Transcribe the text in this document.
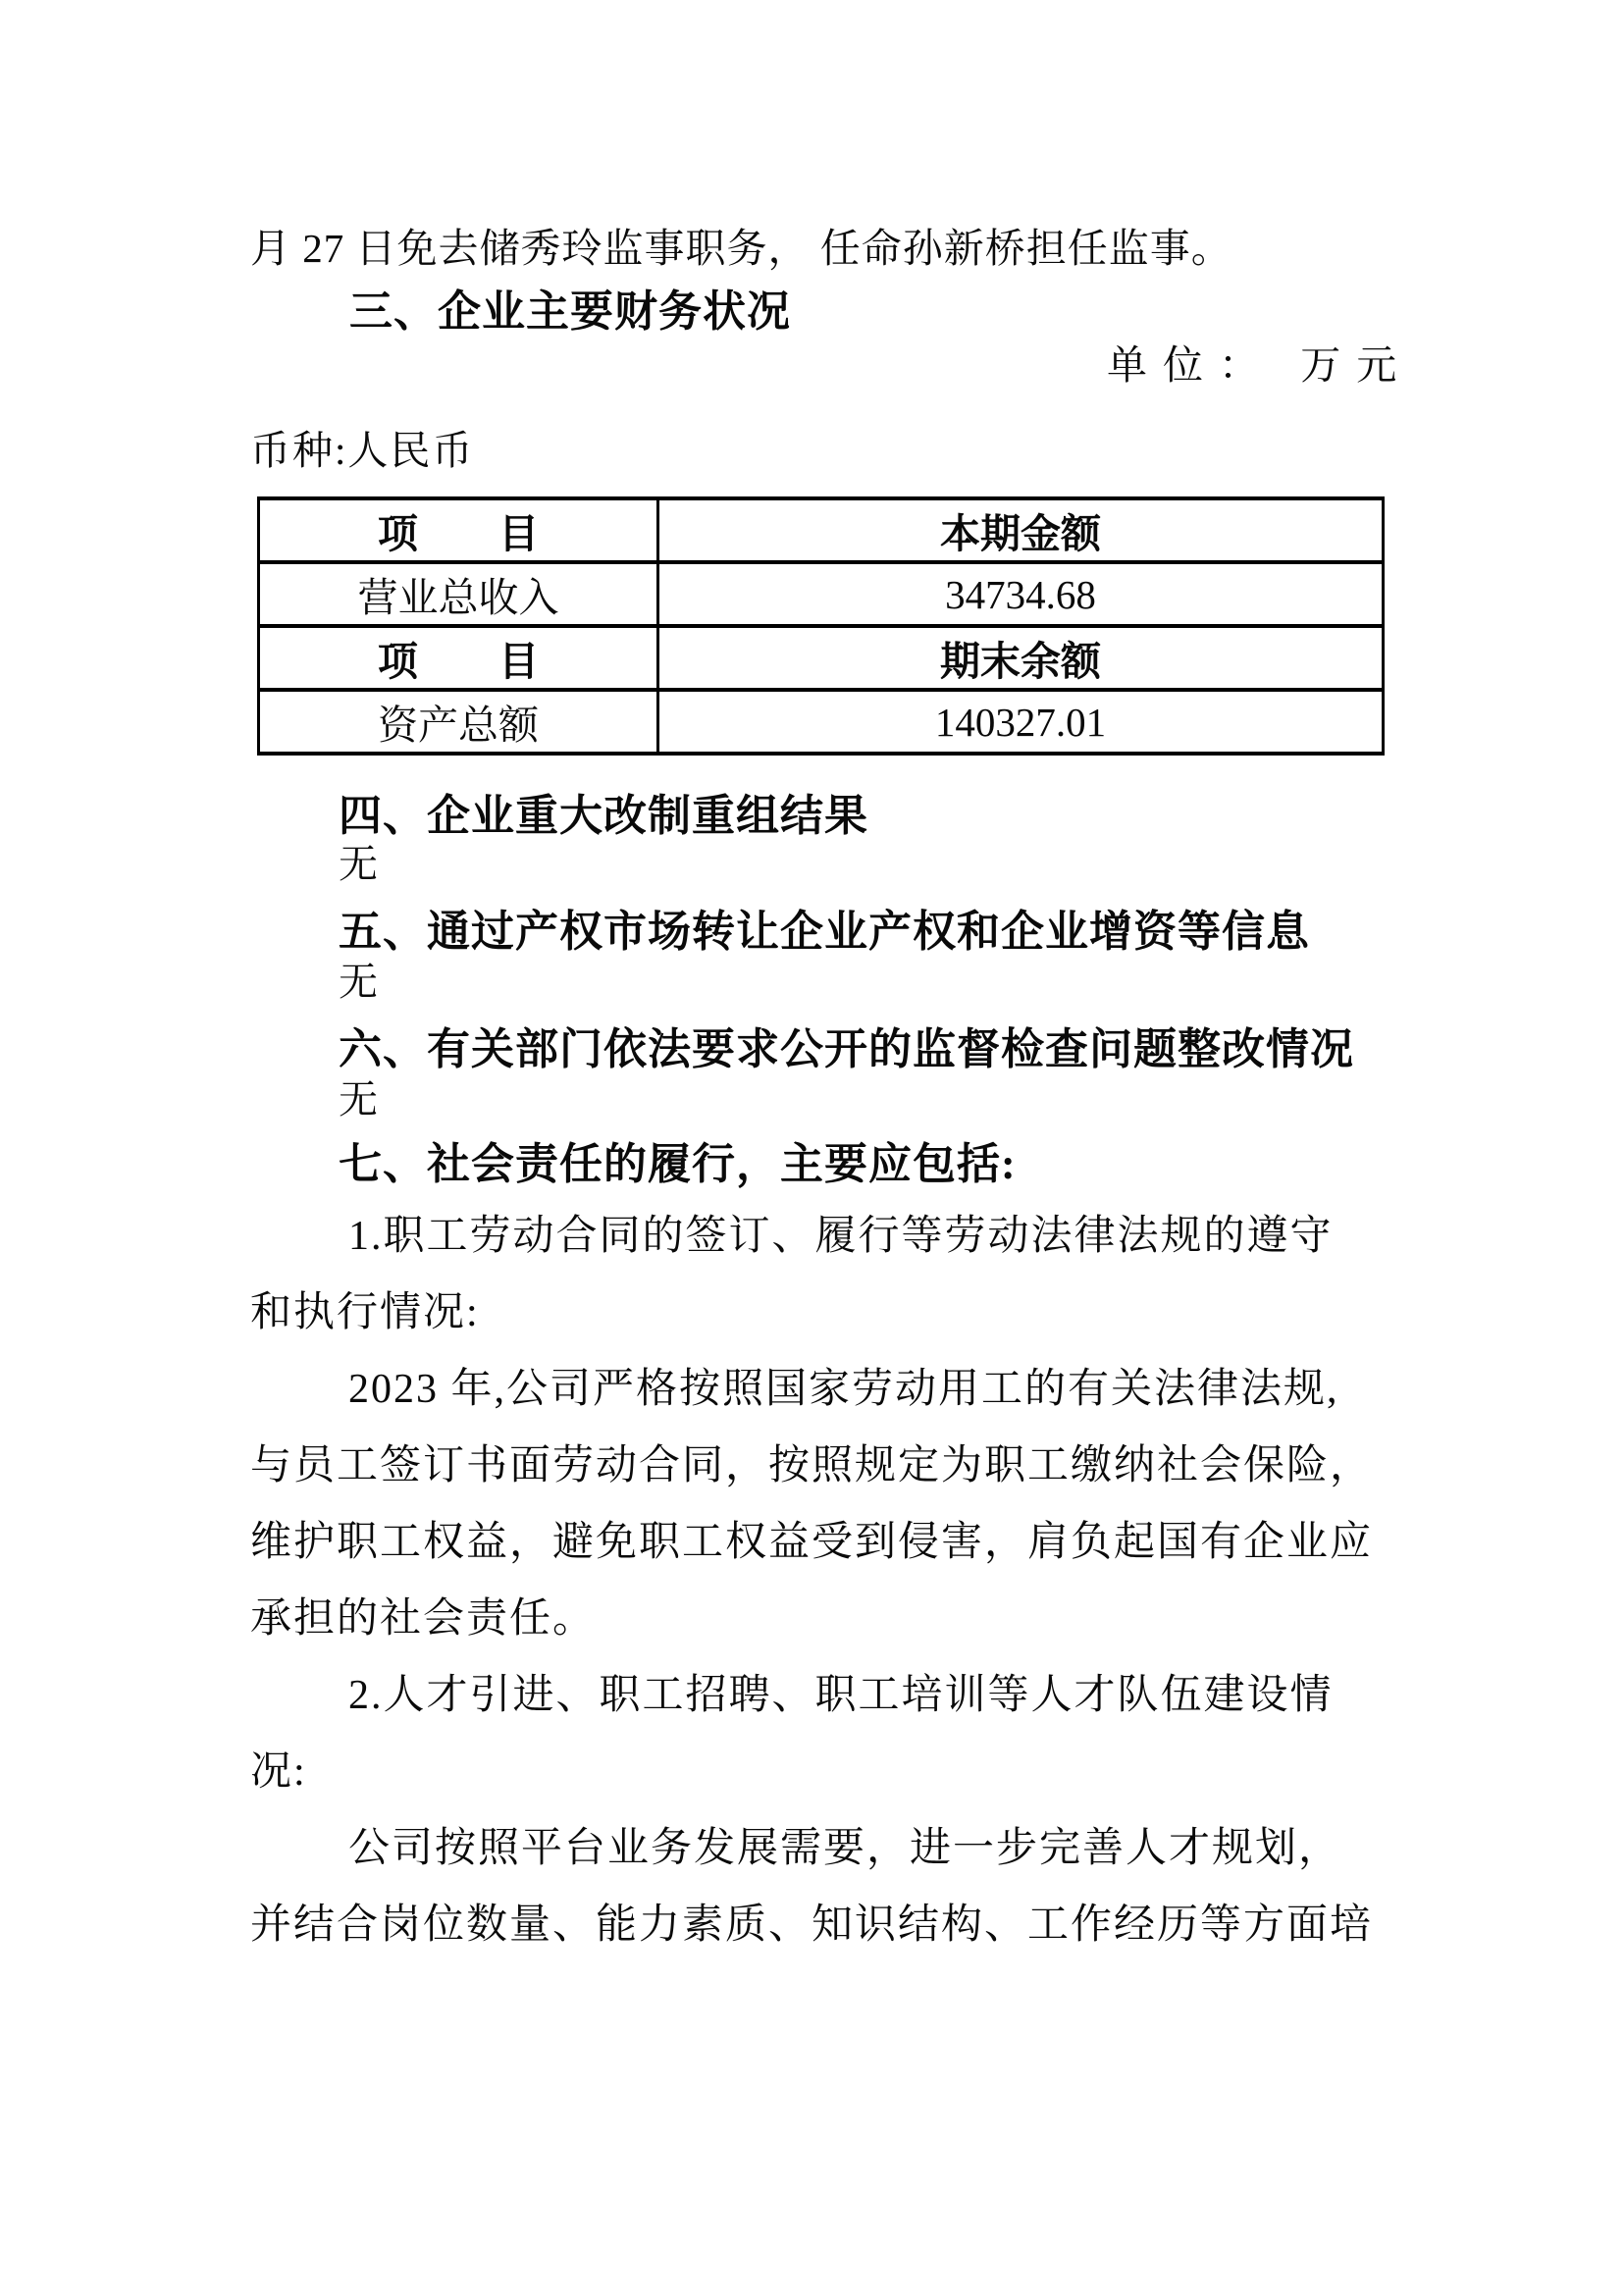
月 27 日免去储秀玲监事职务， 任命孙新桥担任监事。

三、企业主要财务状况

单位： 万元

币种:人民币

项 目	本期金额
营业总收入	34734.68
项 目	期末余额
资产总额	140327.01
四、企业重大改制重组结果

无

五、通过产权市场转让企业产权和企业增资等信息

无

六、有关部门依法要求公开的监督检查问题整改情况

无

七、社会责任的履行，主要应包括:
1.职工劳动合同的签订、履行等劳动法律法规的遵守
和执行情况:
2023 年,公司严格按照国家劳动用工的有关法律法规,
与员工签订书面劳动合同，按照规定为职工缴纳社会保险，
维护职工权益，避免职工权益受到侵害，肩负起国有企业应
承担的社会责任。
2.人才引进、职工招聘、职工培训等人才队伍建设情
况:
公司按照平台业务发展需要，进一步完善人才规划，
并结合岗位数量、能力素质、知识结构、工作经历等方面培
